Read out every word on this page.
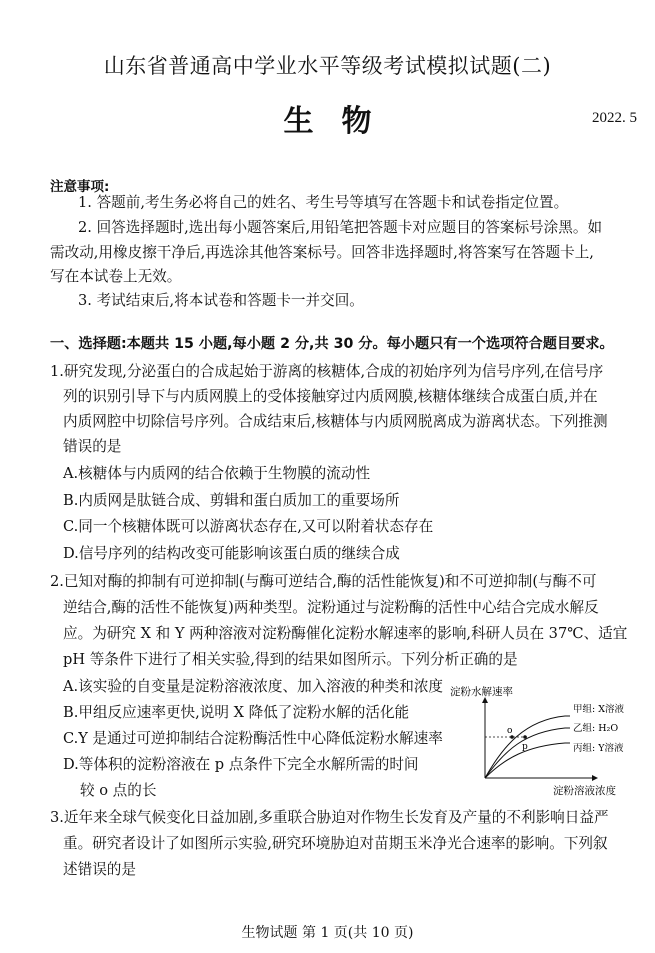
山东省普通高中学业水平等级考试模拟试题(二)
生物	2022. 5
注意事项:
1. 答题前,考生务必将自己的姓名、考生号等填写在答题卡和试卷指定位置。
2. 回答选择题时,选出每小题答案后,用铅笔把答题卡对应题目的答案标号涂黑。如
需改动,用橡皮擦干净后,再选涂其他答案标号。回答非选择题时,将答案写在答题卡上,
写在本试卷上无效。
3. 考试结束后,将本试卷和答题卡一并交回。
一、选择题:本题共 15 小题,每小题 2 分,共 30 分。每小题只有一个选项符合题目要求。
1.研究发现,分泌蛋白的合成起始于游离的核糖体,合成的初始序列为信号序列,在信号序
列的识别引导下与内质网膜上的受体接触穿过内质网膜,核糖体继续合成蛋白质,并在
内质网腔中切除信号序列。合成结束后,核糖体与内质网脱离成为游离状态。下列推测
错误的是
A.核糖体与内质网的结合依赖于生物膜的流动性
B.内质网是肽链合成、剪辑和蛋白质加工的重要场所
C.同一个核糖体既可以游离状态存在,又可以附着状态存在
D.信号序列的结构改变可能影响该蛋白质的继续合成
2.已知对酶的抑制有可逆抑制(与酶可逆结合,酶的活性能恢复)和不可逆抑制(与酶不可
逆结合,酶的活性不能恢复)两种类型。淀粉通过与淀粉酶的活性中心结合完成水解反
应。为研究 X 和 Y 两种溶液对淀粉酶催化淀粉水解速率的影响,科研人员在 37℃、适宜
pH 等条件下进行了相关实验,得到的结果如图所示。下列分析正确的是
A.该实验的自变量是淀粉溶液浓度、加入溶液的种类和浓度
B.甲组反应速率更快,说明 X 降低了淀粉水解的活化能
C.Y 是通过可逆抑制结合淀粉酶活性中心降低淀粉水解速率
D.等体积的淀粉溶液在 p 点条件下完全水解所需的时间
较 o 点的长
淀粉水解速率
o
p
甲组: X溶液
乙组: H₂O
丙组: Y溶液
淀粉溶液浓度
3.近年来全球气候变化日益加剧,多重联合胁迫对作物生长发育及产量的不利影响日益严
重。研究者设计了如图所示实验,研究环境胁迫对苗期玉米净光合速率的影响。下列叙
述错误的是
生物试题 第 1 页(共 10 页)
